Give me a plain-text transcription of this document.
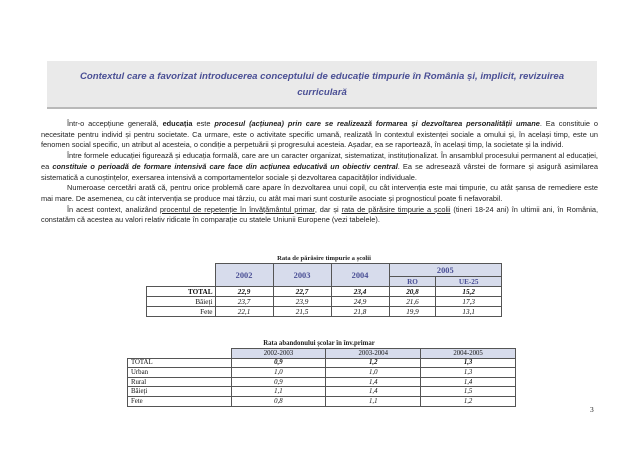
Contextul care a favorizat introducerea conceptului de educație timpurie în România și, implicit, revizuirea
curriculară

Într-o accepțiune generală, educația este procesul (acțiunea) prin care se realizează formarea și dezvoltarea personalității umane. Ea constituie o necesitate pentru individ și pentru societate. Ca urmare, este o activitate specific umană, realizată în contextul existenței sociale a omului și, în același timp, este un fenomen social specific, un atribut al acesteia, o condiție a perpetuării și progresului acesteia. Așadar, ea se raportează, în același timp, la societate și la individ.

Între formele educației figurează și educația formală, care are un caracter organizat, sistematizat, instituționalizat. În ansamblul procesului permanent al educației, ea constituie o perioadă de formare intensivă care face din acțiunea educativă un obiectiv central. Ea se adresează vârstei de formare și asigură asimilarea sistematică a cunoștințelor, exersarea intensivă a comportamentelor sociale și dezvoltarea capacităților individuale.

Numeroase cercetări arată că, pentru orice problemă care apare în dezvoltarea unui copil, cu cât intervenția este mai timpurie, cu atât șansa de remediere este mai mare. De asemenea, cu cât intervenția se produce mai târziu, cu atât mai mari sunt costurile asociate și prognosticul poate fi nefavorabil.

În acest context, analizând procentul de repetenție în învățământul primar, dar și rata de părăsire timpurie a școlii (tineri 18-24 ani) în ultimii ani, în România, constatăm că acestea au valori relativ ridicate în comparație cu statele Uniunii Europene (vezi tabelele).

Rata de părăsire timpurie a școlii
	2002	2003	2004	2005	
				RO	UE-25
TOTAL	22,9	22,7	23,4	20,8	15,2
Băieți	23,7	23,9	24,9	21,6	17,3
Fete	22,1	21,5	21,8	19,9	13,1
Rata abandonului școlar în înv.primar
	2002-2003	2003-2004	2004-2005
TOTAL	0,9	1,2	1,3
Urban	1,0	1,0	1,3
Rural	0,9	1,4	1,4
Băieți	1,1	1,4	1,5
Fete	0,8	1,1	1,2
3
